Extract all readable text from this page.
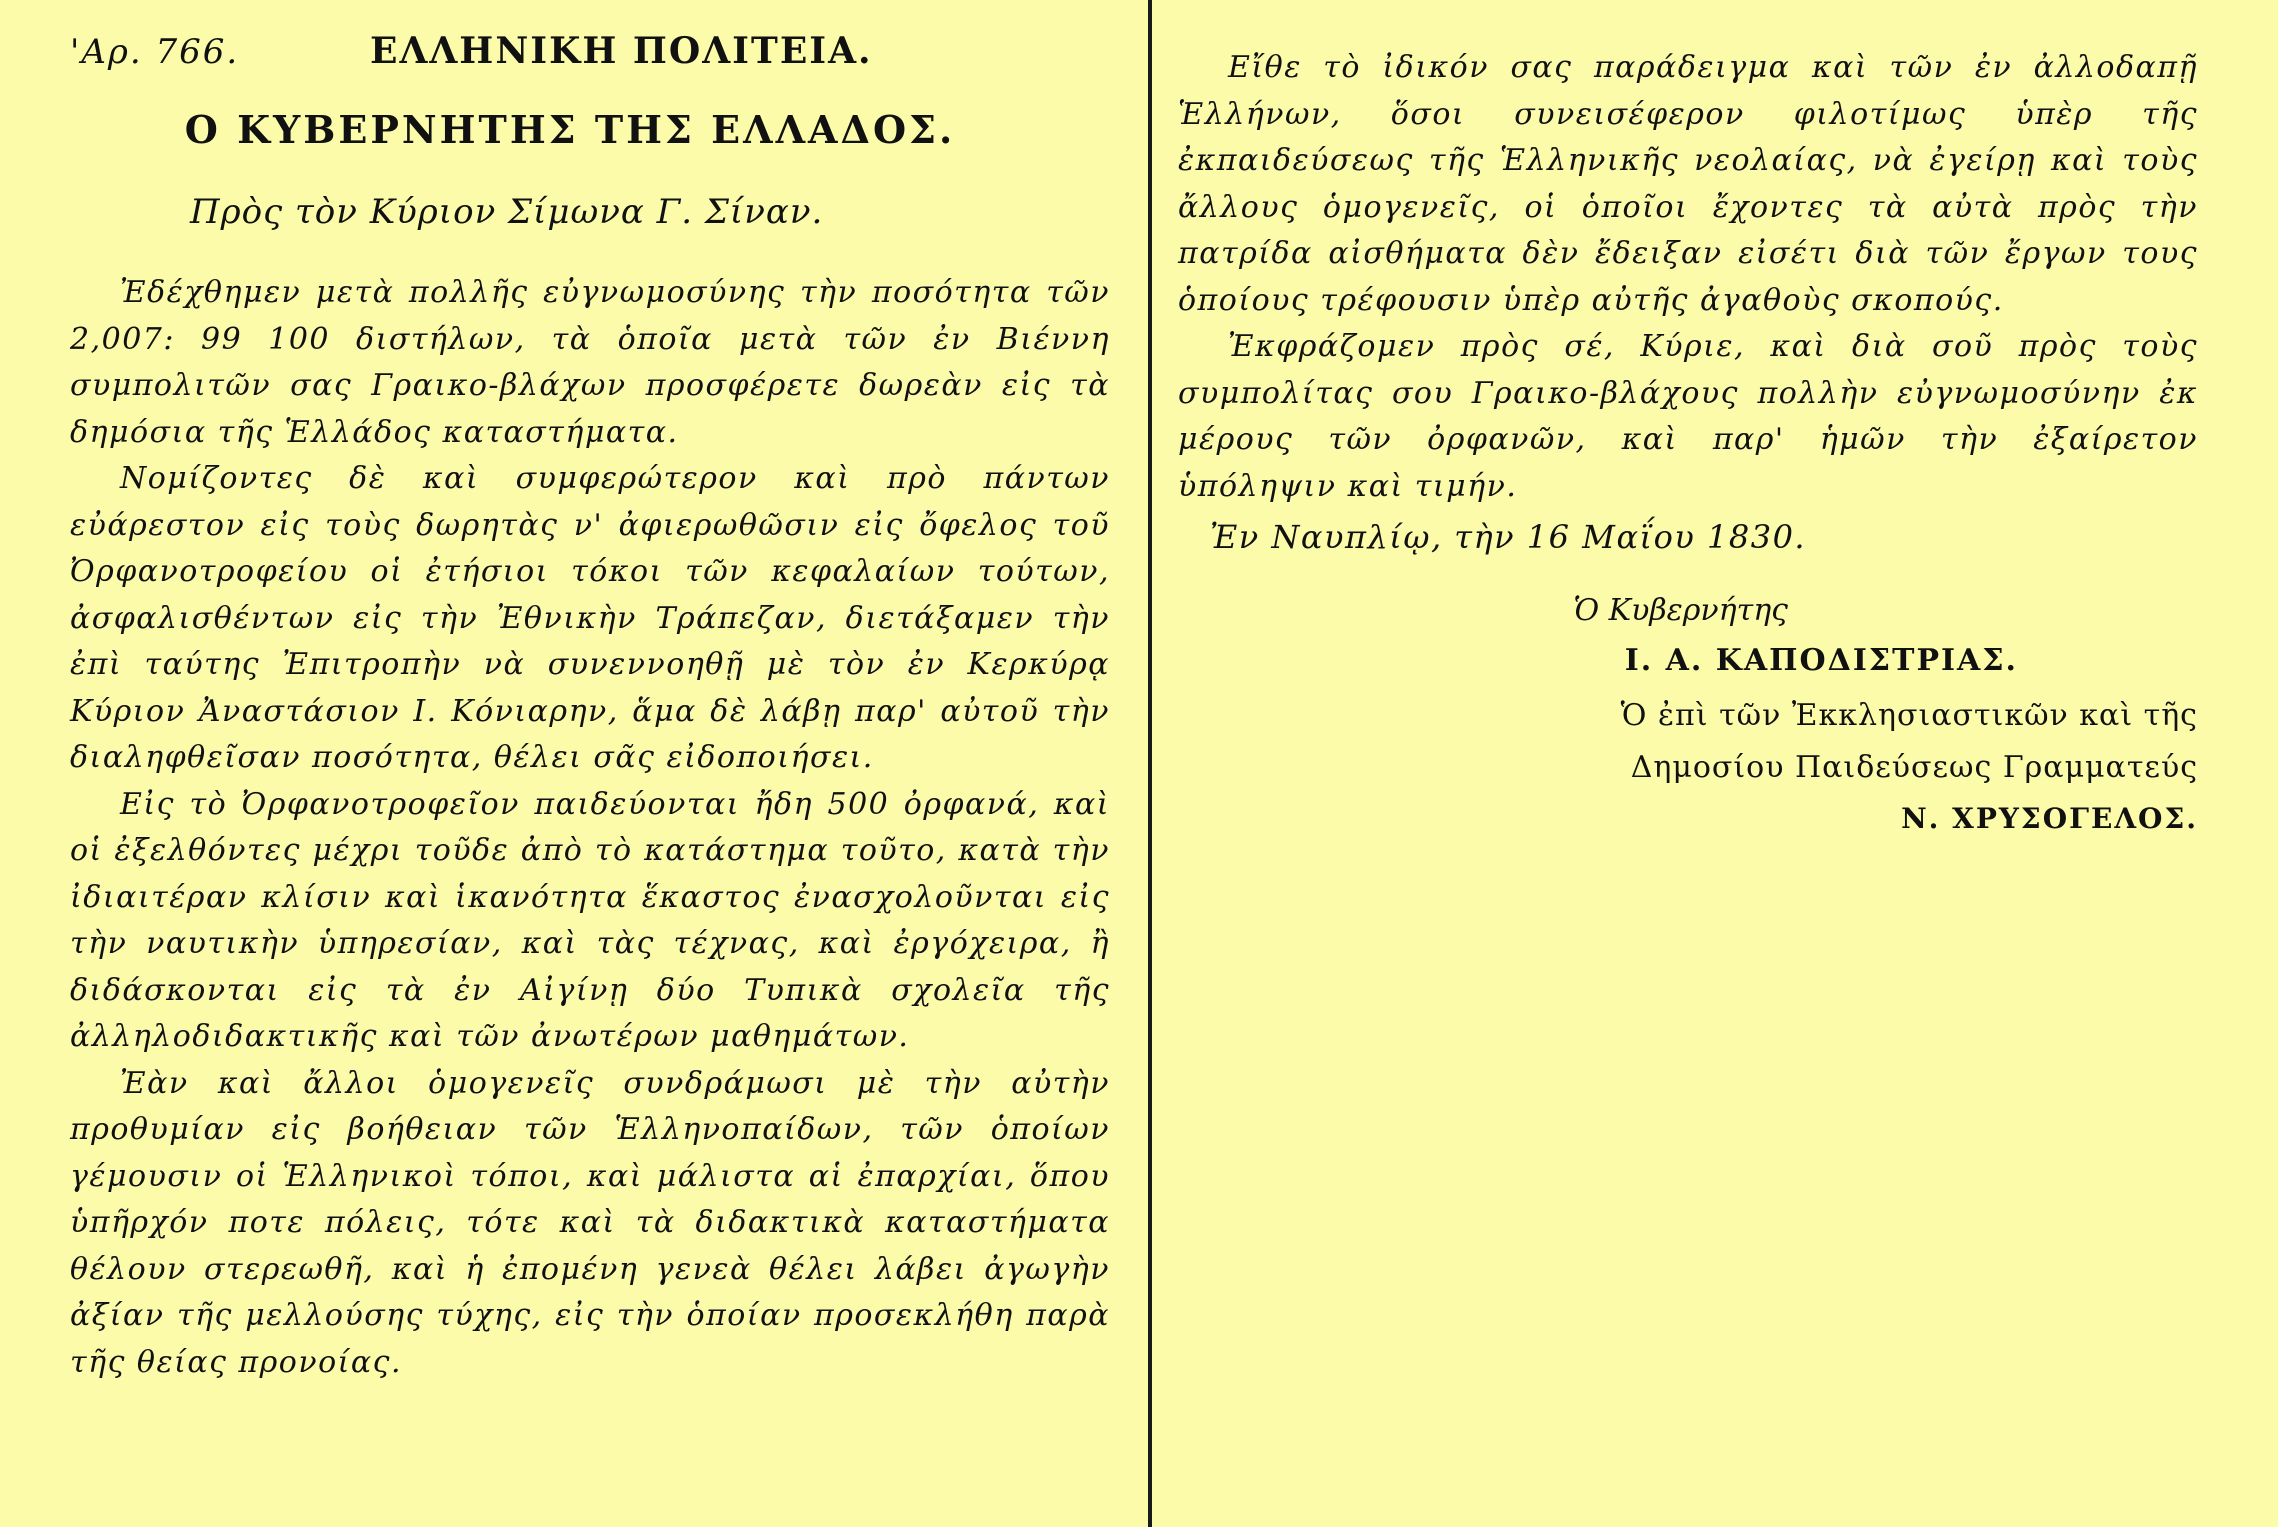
'Αρ. 766.	ΕΛΛΗΝΙΚΗ ΠΟΛΙΤΕΙΑ.
Ο ΚΥΒΕΡΝΗΤΗΣ ΤΗΣ ΕΛΛΑΔΟΣ.
Πρὸς τὸν Κύριον Σίμωνα Γ. Σίναν.

Ἐδέχθημεν μετὰ πολλῆς εὐγνωμοσύνης τὴν ποσότητα τῶν 2,007: 99 100 διστήλων, τὰ ὁποῖα μετὰ τῶν ἐν Βιέννη συμπολιτῶν σας Γραικο-βλάχων προσφέρετε δωρεὰν εἰς τὰ δημόσια τῆς Ἑλλάδος καταστήματα.

Νομίζοντες δὲ καὶ συμφερώτερον καὶ πρὸ πάντων εὐάρεστον εἰς τοὺς δωρητὰς ν' ἀφιερωθῶσιν εἰς ὄφελος τοῦ Ὀρφανοτροφείου οἱ ἐτήσιοι τόκοι τῶν κεφαλαίων τούτων, ἀσφαλισθέντων εἰς τὴν Ἐθνικὴν Τράπεζαν, διετάξαμεν τὴν ἐπὶ ταύτης Ἐπιτροπὴν νὰ συνεννοηθῇ μὲ τὸν ἐν Κερκύρᾳ Κύριον Ἀναστάσιον Ι. Κόνιαρην, ἅμα δὲ λάβῃ παρ' αὐτοῦ τὴν διαληφθεῖσαν ποσότητα, θέλει σᾶς εἰδοποιήσει.

Εἰς τὸ Ὀρφανοτροφεῖον παιδεύονται ἤδη 500 ὀρφανά, καὶ οἱ ἐξελθόντες μέχρι τοῦδε ἀπὸ τὸ κατάστημα τοῦτο, κατὰ τὴν ἰδιαιτέραν κλίσιν καὶ ἱκανότητα ἕκαστος ἐνασχολοῦνται εἰς τὴν ναυτικὴν ὑπηρεσίαν, καὶ τὰς τέχνας, καὶ ἐργόχειρα, ἢ διδάσκονται εἰς τὰ ἐν Αἰγίνῃ δύο Τυπικὰ σχολεῖα τῆς ἀλληλοδιδακτικῆς καὶ τῶν ἀνωτέρων μαθημάτων.

Ἐὰν καὶ ἄλλοι ὁμογενεῖς συνδράμωσι μὲ τὴν αὐτὴν προθυμίαν εἰς βοήθειαν τῶν Ἑλληνοπαίδων, τῶν ὁποίων γέμουσιν οἱ Ἑλληνικοὶ τόποι, καὶ μάλιστα αἱ ἐπαρχίαι, ὅπου ὑπῆρχόν ποτε πόλεις, τότε καὶ τὰ διδακτικὰ καταστήματα θέλουν στερεωθῆ, καὶ ἡ ἐπομένη γενεὰ θέλει λάβει ἀγωγὴν ἀξίαν τῆς μελλούσης τύχης, εἰς τὴν ὁποίαν προσεκλήθη παρὰ τῆς θείας προνοίας.

Εἴθε τὸ ἰδικόν σας παράδειγμα καὶ τῶν ἐν ἀλλοδαπῇ Ἑλλήνων, ὅσοι συνεισέφερον φιλοτίμως ὑπὲρ τῆς ἐκπαιδεύσεως τῆς Ἑλληνικῆς νεολαίας, νὰ ἐγείρῃ καὶ τοὺς ἄλλους ὁμογενεῖς, οἱ ὁποῖοι ἔχοντες τὰ αὐτὰ πρὸς τὴν πατρίδα αἰσθήματα δὲν ἔδειξαν εἰσέτι διὰ τῶν ἔργων τους ὁποίους τρέφουσιν ὑπὲρ αὐτῆς ἀγαθοὺς σκοπούς.

Ἐκφράζομεν πρὸς σέ, Κύριε, καὶ διὰ σοῦ πρὸς τοὺς συμπολίτας σου Γραικο-βλάχους πολλὴν εὐγνωμοσύνην ἐκ μέρους τῶν ὀρφανῶν, καὶ παρ' ἡμῶν τὴν ἐξαίρετον ὑπόληψιν καὶ τιμήν.

Ἐν Ναυπλίῳ, τὴν 16 Μαΐου 1830.
Ὁ Κυβερνήτης
Ι. Α. ΚΑΠΟΔΙΣΤΡΙΑΣ.
Ὁ ἐπὶ τῶν Ἐκκλησιαστικῶν καὶ τῆς
Δημοσίου Παιδεύσεως Γραμματεύς
Ν. ΧΡΥΣΟΓΕΛΟΣ.
